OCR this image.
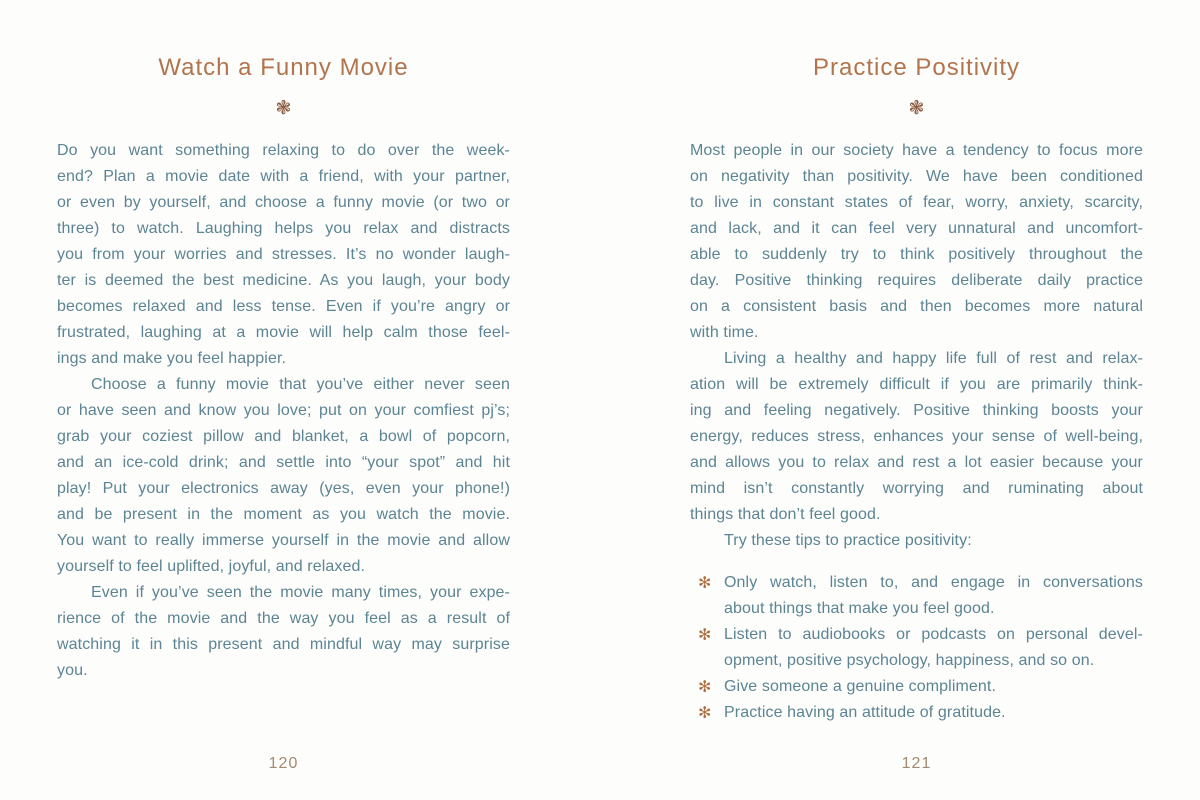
Watch a Funny Movie
❃
Do you want something relaxing to do over the week-
end? Plan a movie date with a friend, with your partner,
or even by yourself, and choose a funny movie (or two or
three) to watch. Laughing helps you relax and distracts
you from your worries and stresses. It’s no wonder laugh-
ter is deemed the best medicine. As you laugh, your body
becomes relaxed and less tense. Even if you’re angry or
frustrated, laughing at a movie will help calm those feel-
ings and make you feel happier.
Choose a funny movie that you’ve either never seen
or have seen and know you love; put on your comfiest pj’s;
grab your coziest pillow and blanket, a bowl of popcorn,
and an ice-cold drink; and settle into “your spot” and hit
play! Put your electronics away (yes, even your phone!)
and be present in the moment as you watch the movie.
You want to really immerse yourself in the movie and allow
yourself to feel uplifted, joyful, and relaxed.
Even if you’ve seen the movie many times, your expe-
rience of the movie and the way you feel as a result of
watching it in this present and mindful way may surprise
you.
120
Practice Positivity
❃
Most people in our society have a tendency to focus more
on negativity than positivity. We have been conditioned
to live in constant states of fear, worry, anxiety, scarcity,
and lack, and it can feel very unnatural and uncomfort-
able to suddenly try to think positively throughout the
day. Positive thinking requires deliberate daily practice
on a consistent basis and then becomes more natural
with time.
Living a healthy and happy life full of rest and relax-
ation will be extremely difficult if you are primarily think-
ing and feeling negatively. Positive thinking boosts your
energy, reduces stress, enhances your sense of well-being,
and allows you to relax and rest a lot easier because your
mind isn’t constantly worrying and ruminating about
things that don’t feel good.
Try these tips to practice positivity:
✻ Only watch, listen to, and engage in conversations
about things that make you feel good.
✻ Listen to audiobooks or podcasts on personal devel-
opment, positive psychology, happiness, and so on.
✻ Give someone a genuine compliment.
✻ Practice having an attitude of gratitude.
121
